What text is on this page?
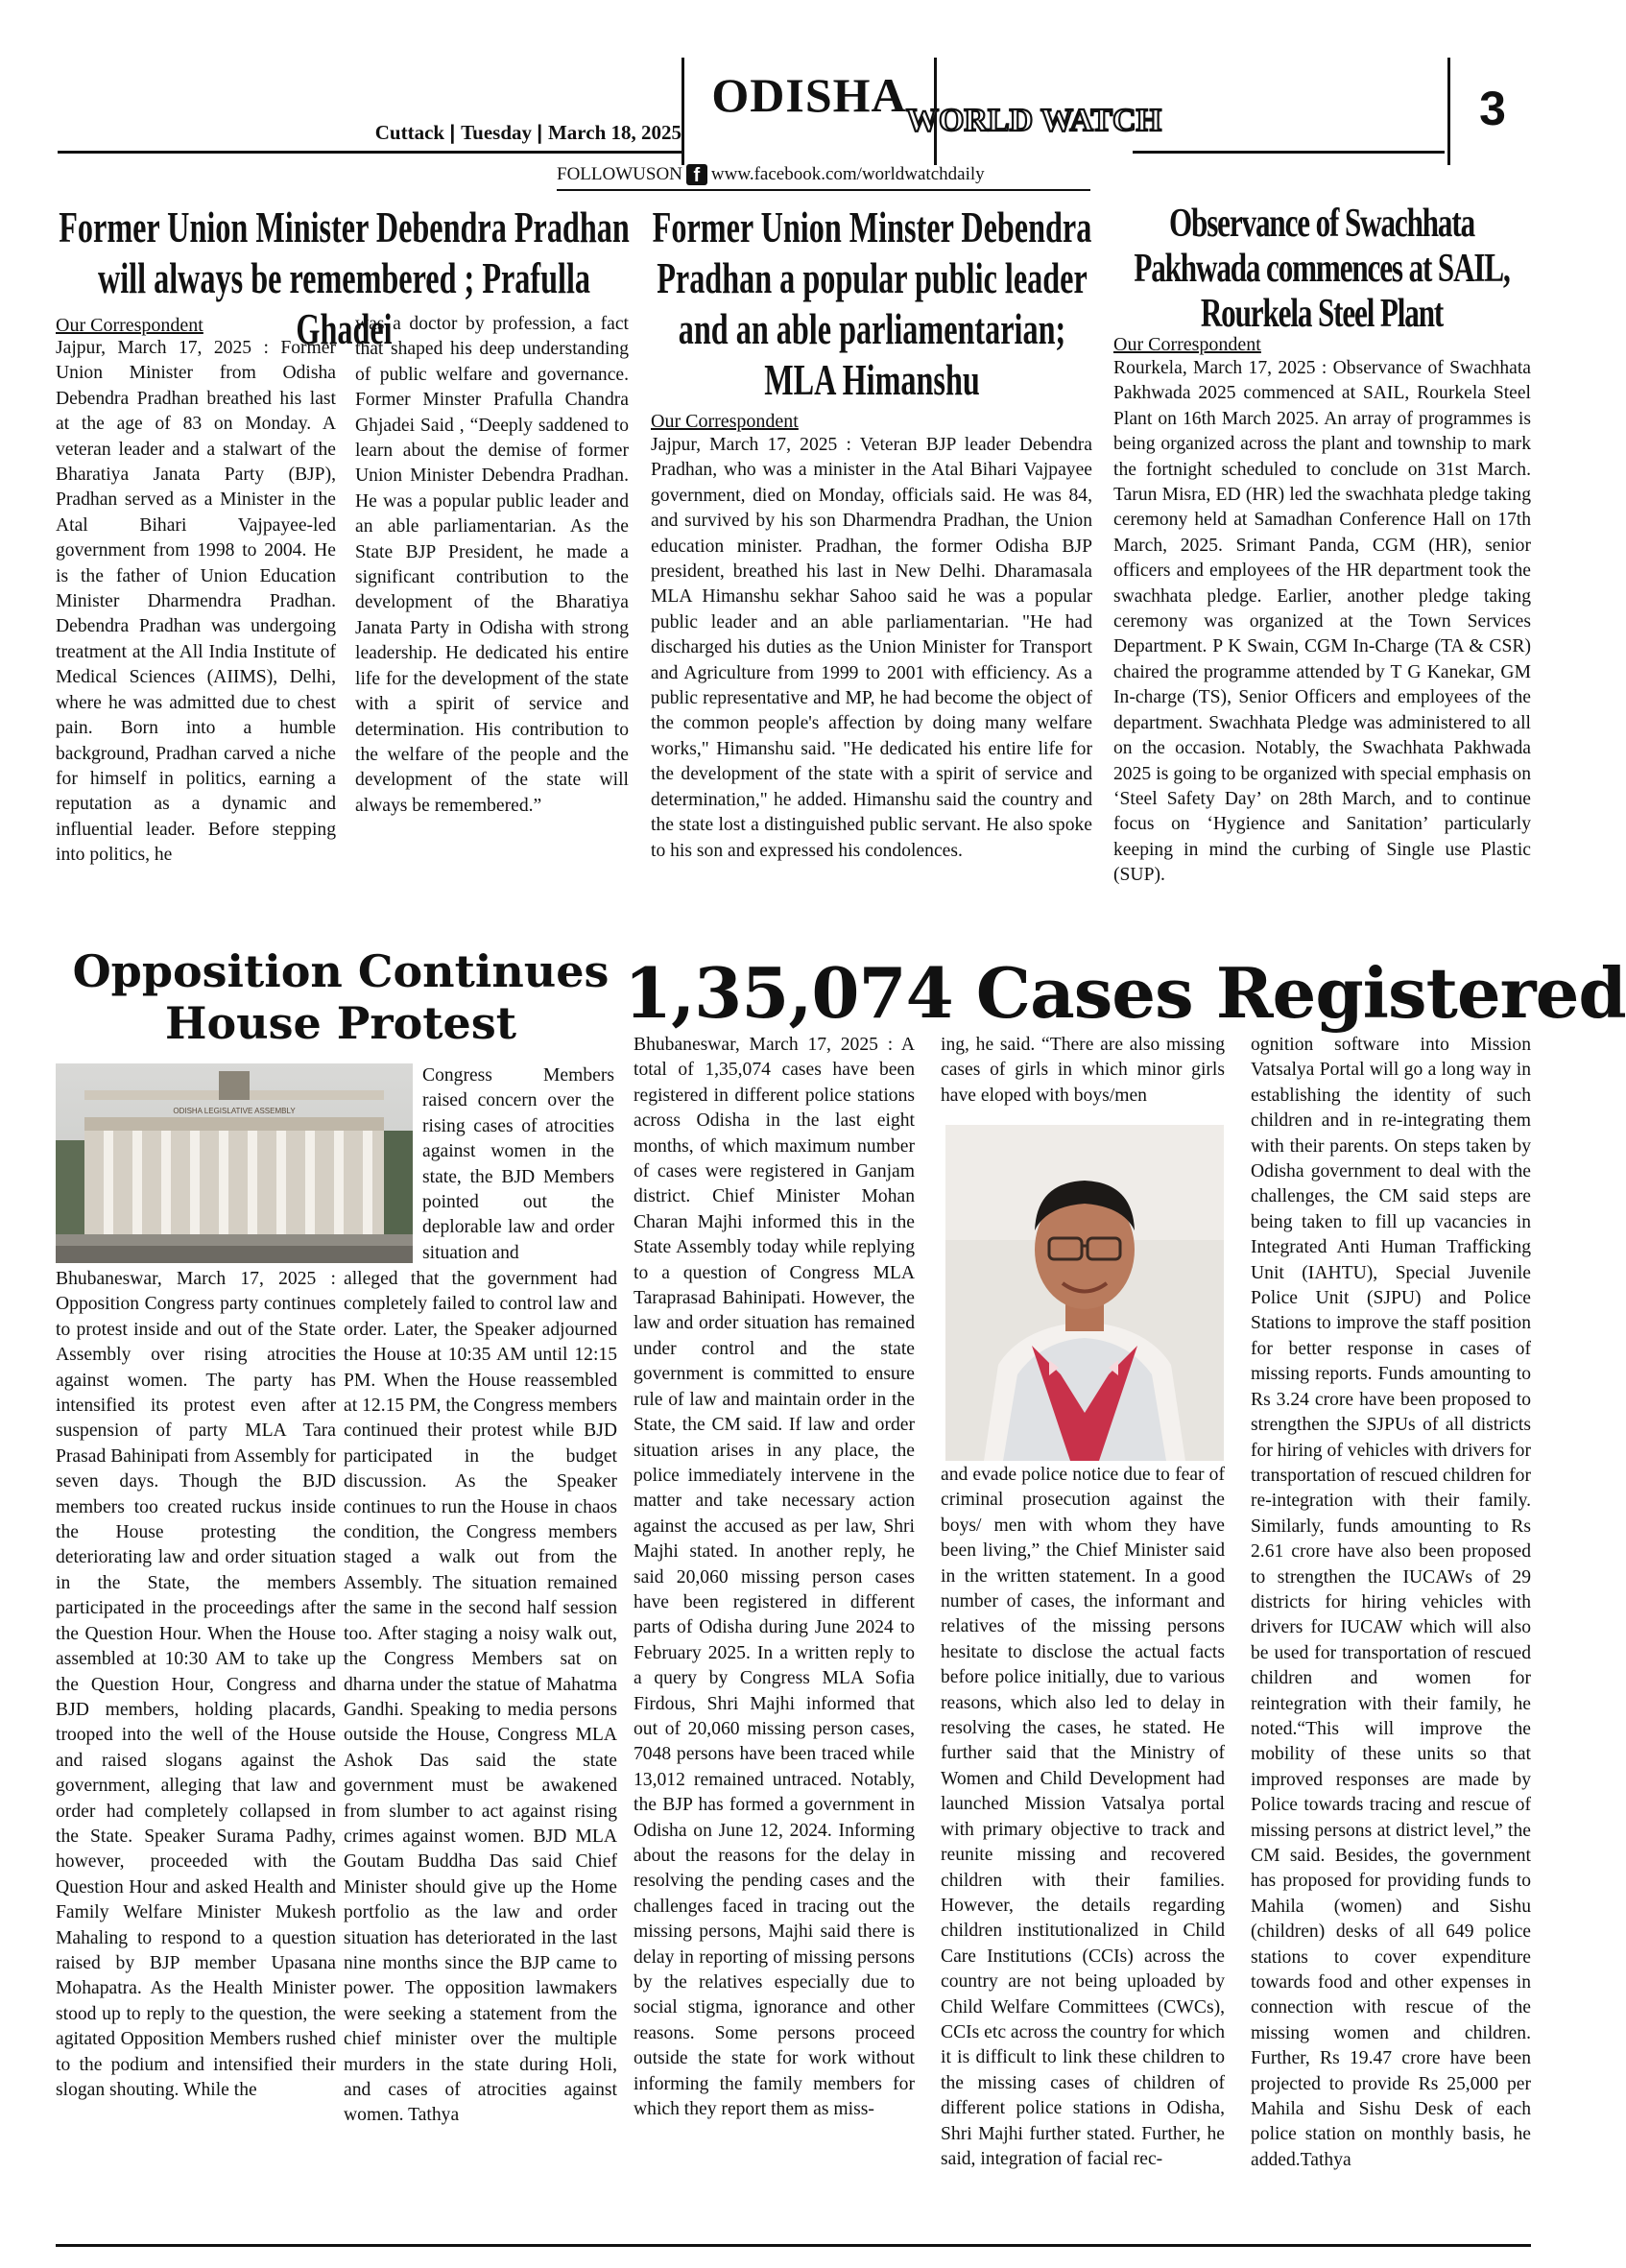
Cuttack | Tuesday | March 18, 2025
ODISHA WORLD WATCH	3
FOLLOWUSON f www.facebook.com/worldwatchdaily
Former Union Minister Debendra Pradhan will always be remembered ; Prafulla Ghadei
Our Correspondent

Jajpur, March 17, 2025 : Former Union Minister from Odisha Debendra Pradhan breathed his last at the age of 83 on Monday. A veteran leader and a stalwart of the Bharatiya Janata Party (BJP), Pradhan served as a Minister in the Atal Bihari Vajpayee-led government from 1998 to 2004. He is the father of Union Education Minister Dharmendra Pradhan. Debendra Pradhan was undergoing treatment at the All India Institute of Medical Sciences (AIIMS), Delhi, where he was admitted due to chest pain. Born into a humble background, Pradhan carved a niche for himself in politics, earning a reputation as a dynamic and influential leader. Before stepping into politics, he

was a doctor by profession, a fact that shaped his deep understanding of public welfare and governance. Former Minster Prafulla Chandra Ghjadei Said , “Deeply saddened to learn about the demise of former Union Minister Debendra Pradhan. He was a popular public leader and an able parliamentarian. As the State BJP President, he made a significant contribution to the development of the Bharatiya Janata Party in Odisha with strong leadership. He dedicated his entire life for the development of the state with a spirit of service and determination. His contribution to the welfare of the people and the development of the state will always be remembered.”

Former Union Minster Debendra Pradhan a popular public leader and an able parliamentarian; MLA Himanshu
Our Correspondent

Jajpur, March 17, 2025 : Veteran BJP leader Debendra Pradhan, who was a minister in the Atal Bihari Vajpayee government, died on Monday, officials said. He was 84, and survived by his son Dharmendra Pradhan, the Union education minister. Pradhan, the former Odisha BJP president, breathed his last in New Delhi. Dharamasala MLA Himanshu sekhar Sahoo said he was a popular public leader and an able parliamentarian. "He had discharged his duties as the Union Minister for Transport and Agriculture from 1999 to 2001 with efficiency. As a public representative and MP, he had become the object of the common people's affection by doing many welfare works," Himanshu said. "He dedicated his entire life for the development of the state with a spirit of service and determination," he added. Himanshu said the country and the state lost a distinguished public servant. He also spoke to his son and expressed his condolences.

Observance of Swachhata Pakhwada commences at SAIL, Rourkela Steel Plant
Our Correspondent

Rourkela, March 17, 2025 : Observance of Swachhata Pakhwada 2025 commenced at SAIL, Rourkela Steel Plant on 16th March 2025. An array of programmes is being organized across the plant and township to mark the fortnight scheduled to conclude on 31st March. Tarun Misra, ED (HR) led the swachhata pledge taking ceremony held at Samadhan Conference Hall on 17th March, 2025. Srimant Panda, CGM (HR), senior officers and employees of the HR department took the swachhata pledge. Earlier, another pledge taking ceremony was organized at the Town Services Department. P K Swain, CGM In-Charge (TA & CSR) chaired the programme attended by T G Kanekar, GM In-charge (TS), Senior Officers and employees of the department. Swachhata Pledge was administered to all on the occasion. Notably, the Swachhata Pakhwada 2025 is going to be organized with special emphasis on ‘Steel Safety Day’ on 28th March, and to continue focus on ‘Hygience and Sanitation’ particularly keeping in mind the curbing of Single use Plastic (SUP).

Opposition Continues
House Protest
ODISHA LEGISLATIVE ASSEMBLY

Congress Members raised concern over the rising cases of atrocities against women in the state, the BJD Members pointed out the deplorable law and order situation and

Bhubaneswar, March 17, 2025 : Opposition Congress party continues to protest inside and out of the State Assembly over rising atrocities against women. The party has intensified its protest even after suspension of party MLA Tara Prasad Bahinipati from Assembly for seven days. Though the BJD members too created ruckus inside the House protesting the deteriorating law and order situation in the State, the members participated in the proceedings after the Question Hour. When the House assembled at 10:30 AM to take up the Question Hour, Congress and BJD members, holding placards, trooped into the well of the House and raised slogans against the government, alleging that law and order had completely collapsed in the State. Speaker Surama Padhy, however, proceeded with the Question Hour and asked Health and Family Welfare Minister Mukesh Mahaling to respond to a question raised by BJP member Upasana Mohapatra. As the Health Minister stood up to reply to the question, the agitated Opposition Members rushed to the podium and intensified their slogan shouting. While the

alleged that the government had completely failed to control law and order. Later, the Speaker adjourned the House at 10:35 AM until 12:15 PM. When the House reassembled at 12.15 PM, the Congress members continued their protest while BJD participated in the budget discussion. As the Speaker continues to run the House in chaos condition, the Congress members staged a walk out from the Assembly. The situation remained the same in the second half session too. After staging a noisy walk out, the Congress Members sat on dharna under the statue of Mahatma Gandhi. Speaking to media persons outside the House, Congress MLA Ashok Das said the state government must be awakened from slumber to act against rising crimes against women. BJD MLA Goutam Buddha Das said Chief Minister should give up the Home portfolio as the law and order situation has deteriorated in the last nine months since the BJP came to power. The opposition lawmakers were seeking a statement from the chief minister over the multiple murders in the state during Holi, and cases of atrocities against women. Tathya

1,35,074 Cases Registered

Bhubaneswar, March 17, 2025 : A total of 1,35,074 cases have been registered in different police stations across Odisha in the last eight months, of which maximum number of cases were registered in Ganjam district. Chief Minister Mohan Charan Majhi informed this in the State Assembly today while replying to a question of Congress MLA Taraprasad Bahinipati. However, the law and order situation has remained under control and the state government is committed to ensure rule of law and maintain order in the State, the CM said. If law and order situation arises in any place, the police immediately intervene in the matter and take necessary action against the accused as per law, Shri Majhi stated. In another reply, he said 20,060 missing person cases have been registered in different parts of Odisha during June 2024 to February 2025. In a written reply to a query by Congress MLA Sofia Firdous, Shri Majhi informed that out of 20,060 missing person cases, 7048 persons have been traced while 13,012 remained untraced. Notably, the BJP has formed a government in Odisha on June 12, 2024. Informing about the reasons for the delay in resolving the pending cases and the challenges faced in tracing out the missing persons, Majhi said there is delay in reporting of missing persons by the relatives especially due to social stigma, ignorance and other reasons. Some persons proceed outside the state for work without informing the family members for which they report them as miss-

ing, he said. “There are also missing cases of girls in which minor girls have eloped with boys/men

and evade police notice due to fear of criminal prosecution against the boys/ men with whom they have been living,” the Chief Minister said in the written statement. In a good number of cases, the informant and relatives of the missing persons hesitate to disclose the actual facts before police initially, due to various reasons, which also led to delay in resolving the cases, he stated. He further said that the Ministry of Women and Child Development had launched Mission Vatsalya portal with primary objective to track and reunite missing and recovered children with their families. However, the details regarding children institutionalized in Child Care Institutions (CCIs) across the country are not being uploaded by Child Welfare Committees (CWCs), CCIs etc across the country for which it is difficult to link these children to the missing cases of children of different police stations in Odisha, Shri Majhi further stated. Further, he said, integration of facial rec-

ognition software into Mission Vatsalya Portal will go a long way in establishing the identity of such children and in re-integrating them with their parents. On steps taken by Odisha government to deal with the challenges, the CM said steps are being taken to fill up vacancies in Integrated Anti Human Trafficking Unit (IAHTU), Special Juvenile Police Unit (SJPU) and Police Stations to improve the staff position for better response in cases of missing reports. Funds amounting to Rs 3.24 crore have been proposed to strengthen the SJPUs of all districts for hiring of vehicles with drivers for transportation of rescued children for re-integration with their family. Similarly, funds amounting to Rs 2.61 crore have also been proposed to strengthen the IUCAWs of 29 districts for hiring vehicles with drivers for IUCAW which will also be used for transportation of rescued children and women for reintegration with their family, he noted.“This will improve the mobility of these units so that improved responses are made by Police towards tracing and rescue of missing persons at district level,” the CM said. Besides, the government has proposed for providing funds to Mahila (women) and Sishu (children) desks of all 649 police stations to cover expenditure towards food and other expenses in connection with rescue of the missing women and children. Further, Rs 19.47 crore have been projected to provide Rs 25,000 per Mahila and Sishu Desk of each police station on monthly basis, he added.Tathya
